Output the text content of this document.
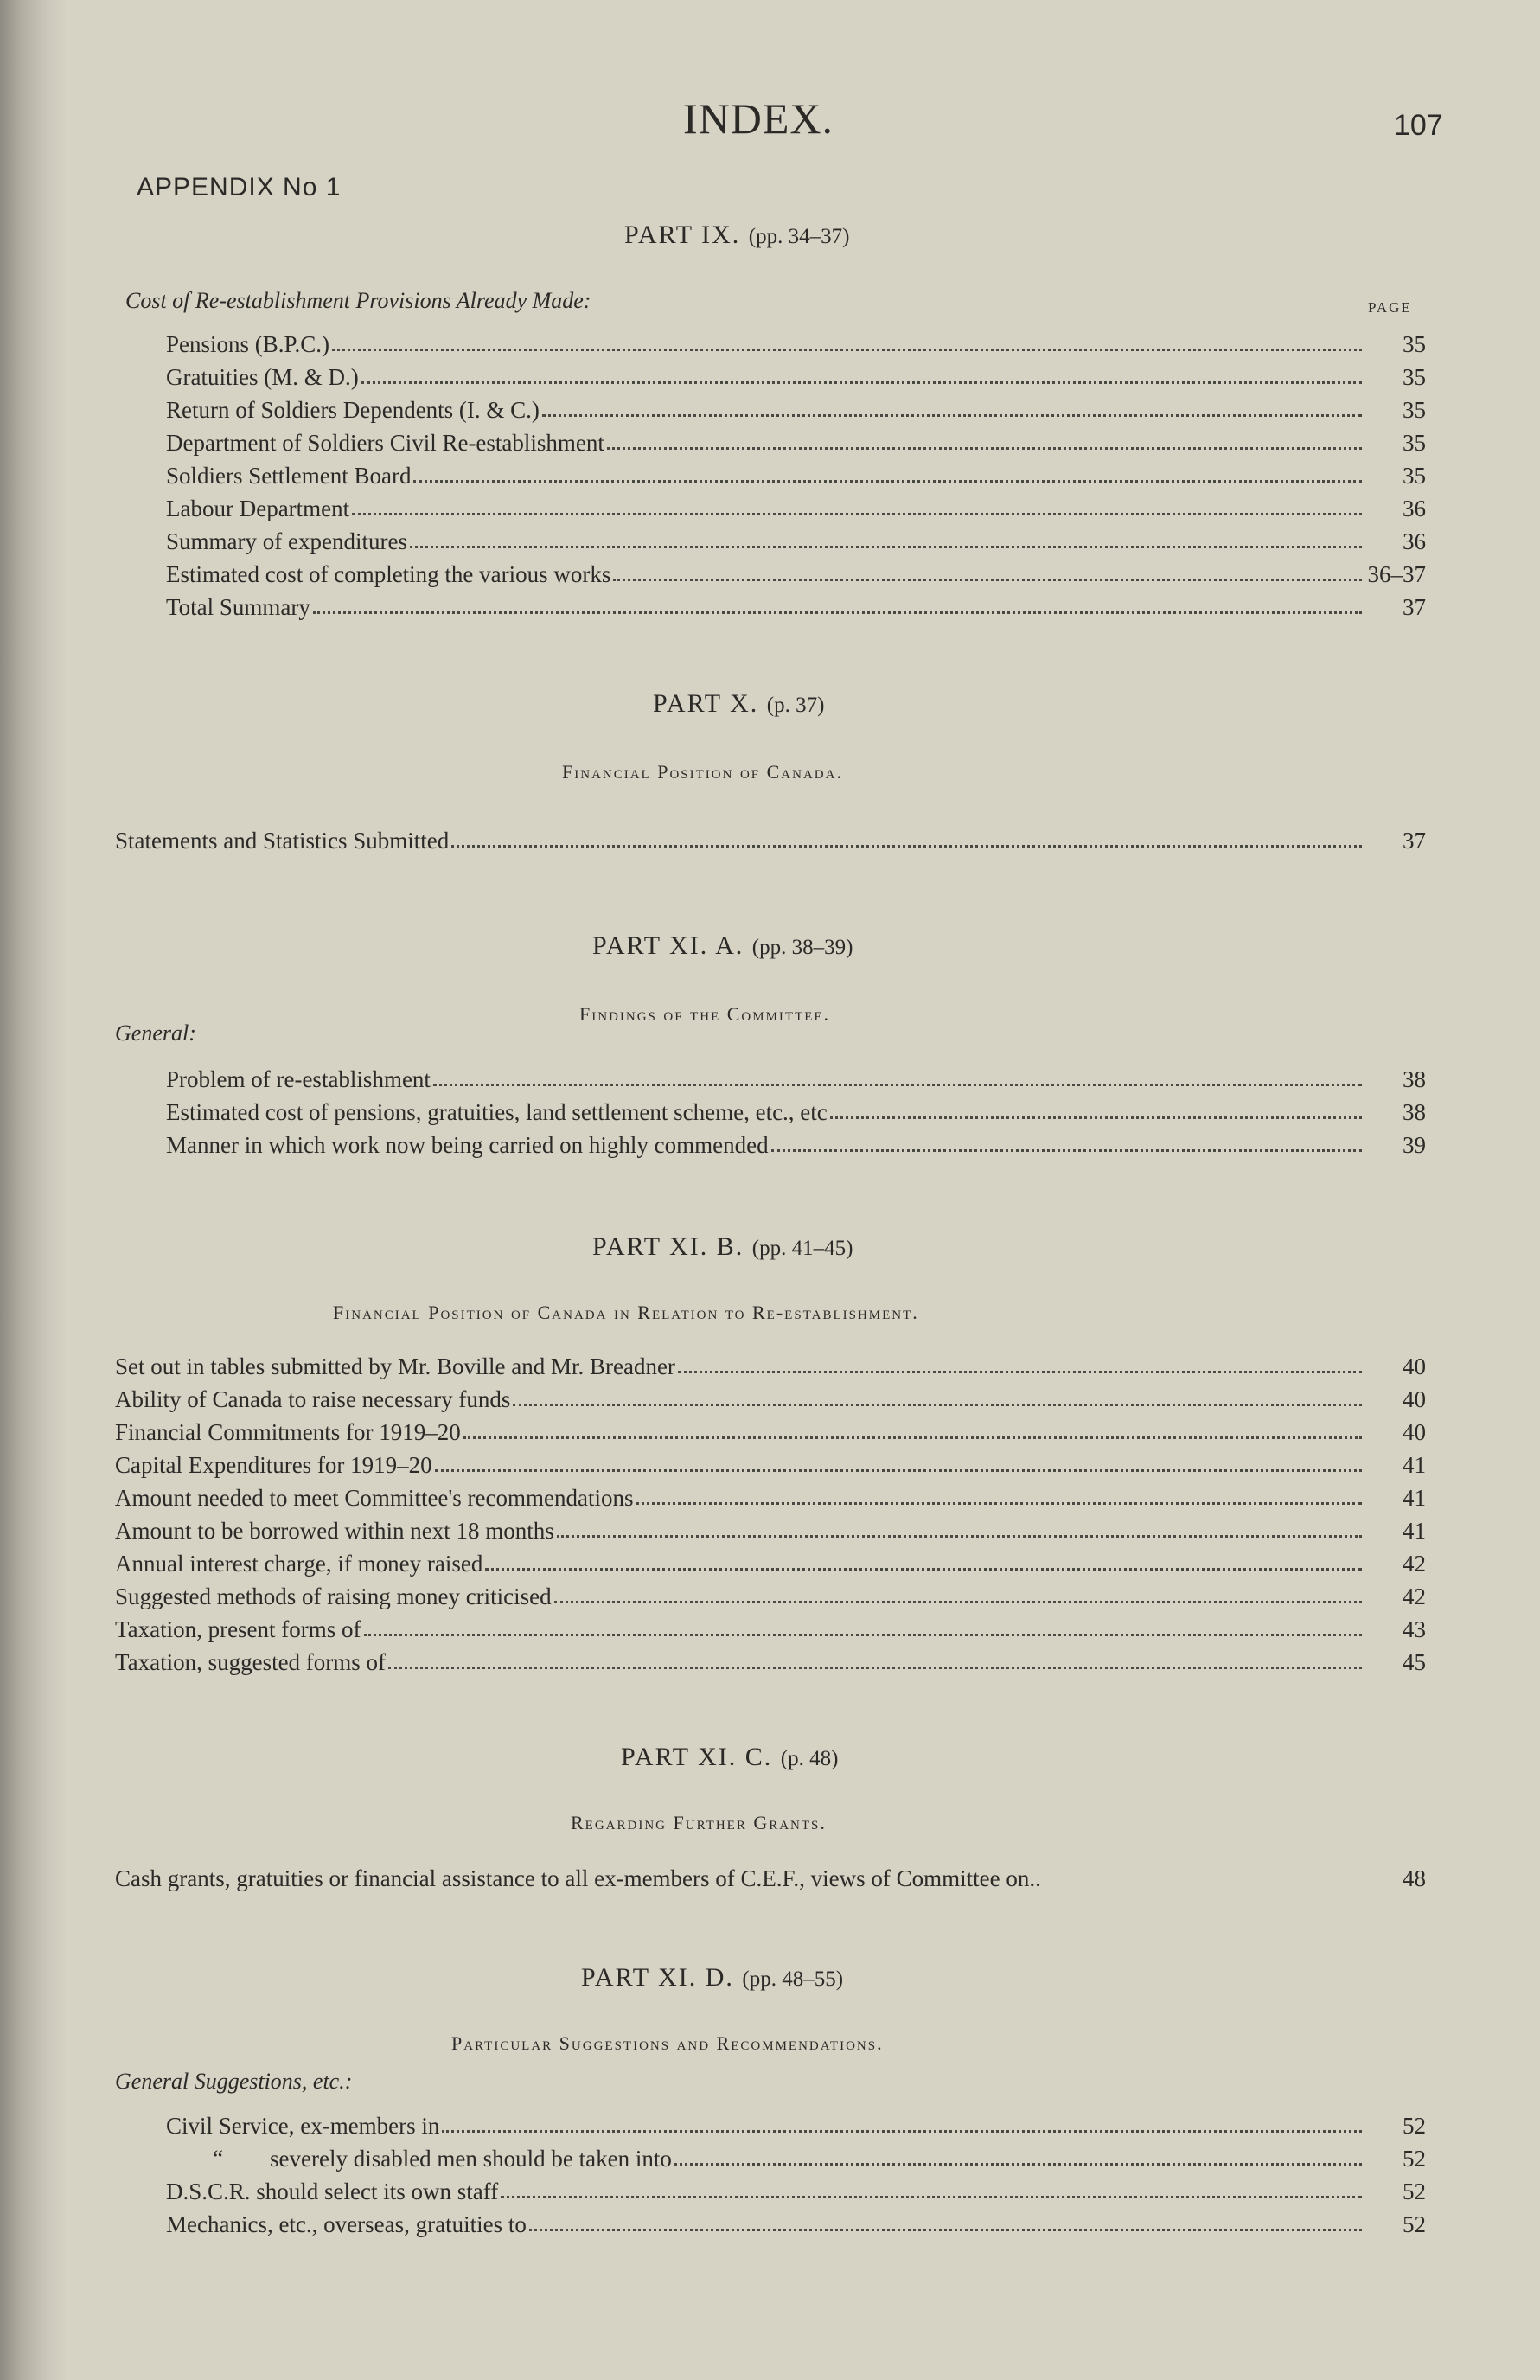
INDEX.	107
APPENDIX No 1
PART IX. (pp. 34–37)
Cost of Re-establishment Provisions Already Made:	PAGE
Pensions (B.P.C.)	35
Gratuities (M. & D.)	35
Return of Soldiers Dependents (I. & C.)	35
Department of Soldiers Civil Re-establishment	35
Soldiers Settlement Board	35
Labour Department	36
Summary of expenditures	36
Estimated cost of completing the various works	36–37
Total Summary	37
PART X. (p. 37)
Financial Position of Canada.
Statements and Statistics Submitted	37
PART XI. A. (pp. 38–39)
Findings of the Committee.
General:
Problem of re-establishment	38
Estimated cost of pensions, gratuities, land settlement scheme, etc., etc	38
Manner in which work now being carried on highly commended	39
PART XI. B. (pp. 41–45)
Financial Position of Canada in Relation to Re-establishment.
Set out in tables submitted by Mr. Boville and Mr. Breadner	40
Ability of Canada to raise necessary funds	40
Financial Commitments for 1919–20	40
Capital Expenditures for 1919–20	41
Amount needed to meet Committee's recommendations	41
Amount to be borrowed within next 18 months	41
Annual interest charge, if money raised	42
Suggested methods of raising money criticised	42
Taxation, present forms of	43
Taxation, suggested forms of	45
PART XI. C. (p. 48)
Regarding Further Grants.
Cash grants, gratuities or financial assistance to all ex-members of C.E.F., views of Committee on..	48
PART XI. D. (pp. 48–55)
Particular Suggestions and Recommendations.
General Suggestions, etc.:
Civil Service, ex-members in	52
“	severely disabled men should be taken into	52
D.S.C.R. should select its own staff	52
Mechanics, etc., overseas, gratuities to	52
